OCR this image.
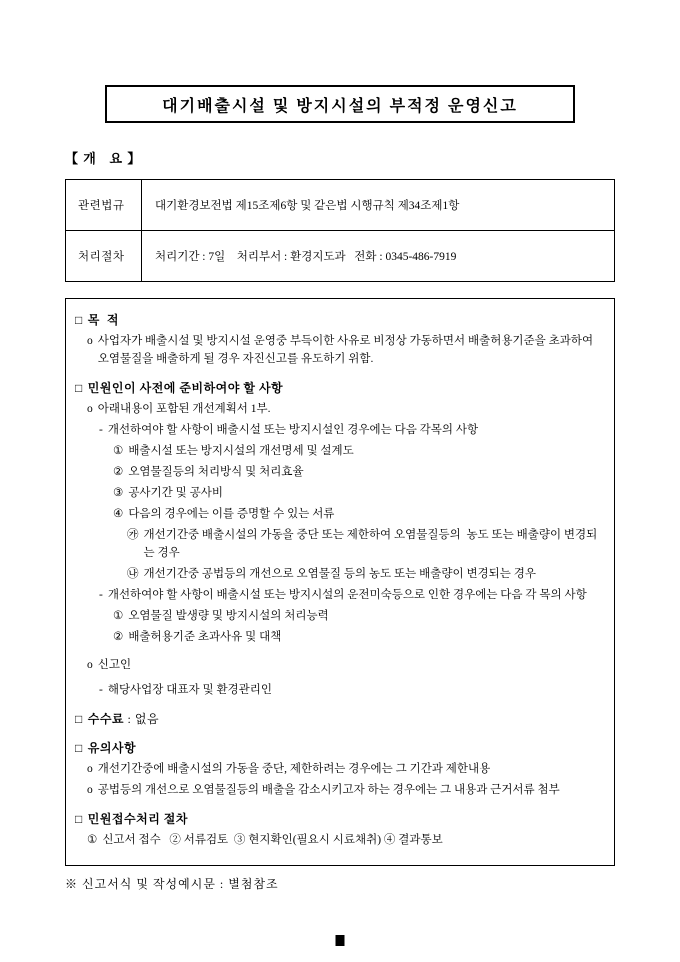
대기배출시설 및 방지시설의 부적정 운영신고
【 개   요 】
관련법규	대기환경보전법 제15조제6항 및 같은법 시행규칙 제34조제1항
처리절차	처리기간 : 7일    처리부서 : 환경지도과   전화 : 0345-486-7919
□ 목  적
o 사업자가 배출시설 및 방지시설 운영중 부득이한 사유로 비정상 가동하면서 배출허용기준을 초과하여 오염물질을 배출하게 될 경우 자진신고를 유도하기 위함.
□ 민원인이 사전에 준비하여야 할 사항
o 아래내용이 포함된 개선계획서 1부.
- 개선하여야 할 사항이 배출시설 또는 방지시설인 경우에는 다음 각목의 사항
① 배출시설 또는 방지시설의 개선명세 및 설계도
② 오염물질등의 처리방식 및 처리효율
③ 공사기간 및 공사비
④ 다음의 경우에는 이를 증명할 수 있는 서류
㉮ 개선기간중 배출시설의 가동을 중단 또는 제한하여 오염물질등의  농도 또는 배출량이 변경되는 경우
㉯ 개선기간중 공법등의 개선으로 오염물질 등의 농도 또는 배출량이 변경되는 경우
- 개선하여야 할 사항이 배출시설 또는 방지시설의 운전미숙등으로 인한 경우에는 다음 각 목의 사항
① 오염물질 발생량 및 방지시설의 처리능력
② 배출허용기준 초과사유 및 대책
o 신고인
- 해당사업장 대표자 및 환경관리인
□ 수수료 : 없음
□ 유의사항
o 개선기간중에 배출시설의 가동을 중단, 제한하려는 경우에는 그 기간과 제한내용
o 공법등의 개선으로 오염물질등의 배출을 감소시키고자 하는 경우에는 그 내용과 근거서류 첨부
□ 민원접수처리 절차
① 신고서 접수   ② 서류검토  ③ 현지확인(필요시 시료채취) ④ 결과통보
※ 신고서식 및 작성예시문 : 별첨참조
